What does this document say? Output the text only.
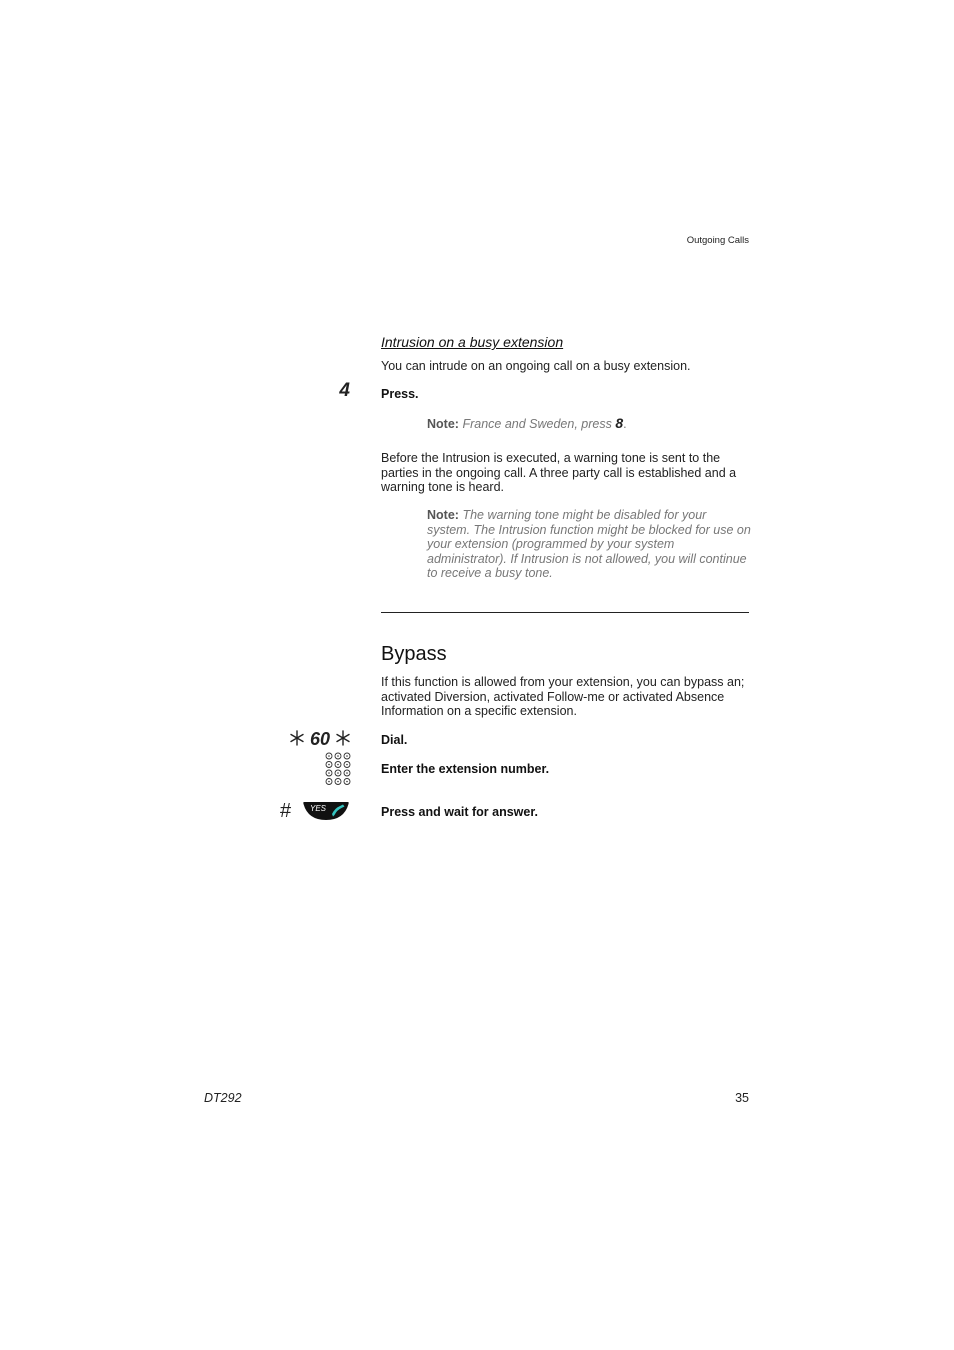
Outgoing Calls
Intrusion on a busy extension
You can intrude on an ongoing call on a busy extension.
4 Press.
Note: France and Sweden, press 8.
Before the Intrusion is executed, a warning tone is sent to the parties in the ongoing call. A three party call is established and a warning tone is heard.
Note: The warning tone might be disabled for your system. The Intrusion function might be blocked for use on your extension (programmed by your system administrator). If Intrusion is not allowed, you will continue to receive a busy tone.
Bypass
If this function is allowed from your extension, you can bypass an; activated Diversion, activated Follow-me or activated Absence Information on a specific extension.
60	Dial.
Enter the extension number.
# YES	Press and wait for answer.
DT292	35
